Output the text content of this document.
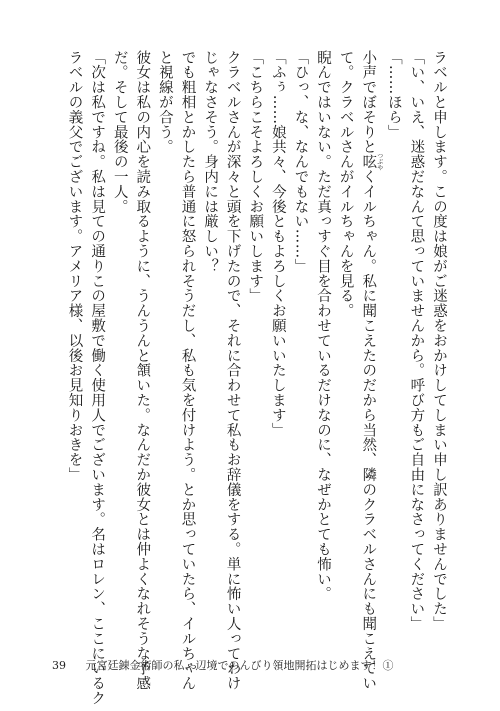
ラベルと申します。この度は娘がご迷惑をおかけしてしまい申し訳ありませんでした」
「い、いえ、迷惑だなんて思っていませんから。呼び方もご自由になさってください」
「……ほら」
小声でぼそりと呟 つぶやくイルちゃん。私に聞こえたのだから当然、隣のクラベルさんにも聞こえてい
て。クラベルさんがイルちゃんを見る。
睨んではいない。ただ真っすぐ目を合わせているだけなのに、なぜかとても怖い。
「ひっ、な、なんでもない……」
「ふぅ……娘共々、今後ともよろしくお願いいたします」
「こちらこそよろしくお願いします」
クラベルさんが深々と頭を下げたので、それに合わせて私もお辞儀をする。単に怖い人ってわけ
じゃなさそう。身内には厳しい？
でも粗相とかしたら普通に怒られそうだし、私も気を付けよう。とか思っていたら、イルちゃん
と視線が合う。
彼女は私の内心を読み取るように、うんうんと頷いた。なんだか彼女とは仲よくなれそうな予感
だ。そして最後の一人。
「次は私ですね。私は見ての通りこの屋敷で働く使用人でございます。名はロレン、ここにいるク
ラベルの義父でございます。アメリア様、以後お見知りおきを」
39 元宮廷錬金術師の私、辺境でのんびり領地開拓はじめます！①
